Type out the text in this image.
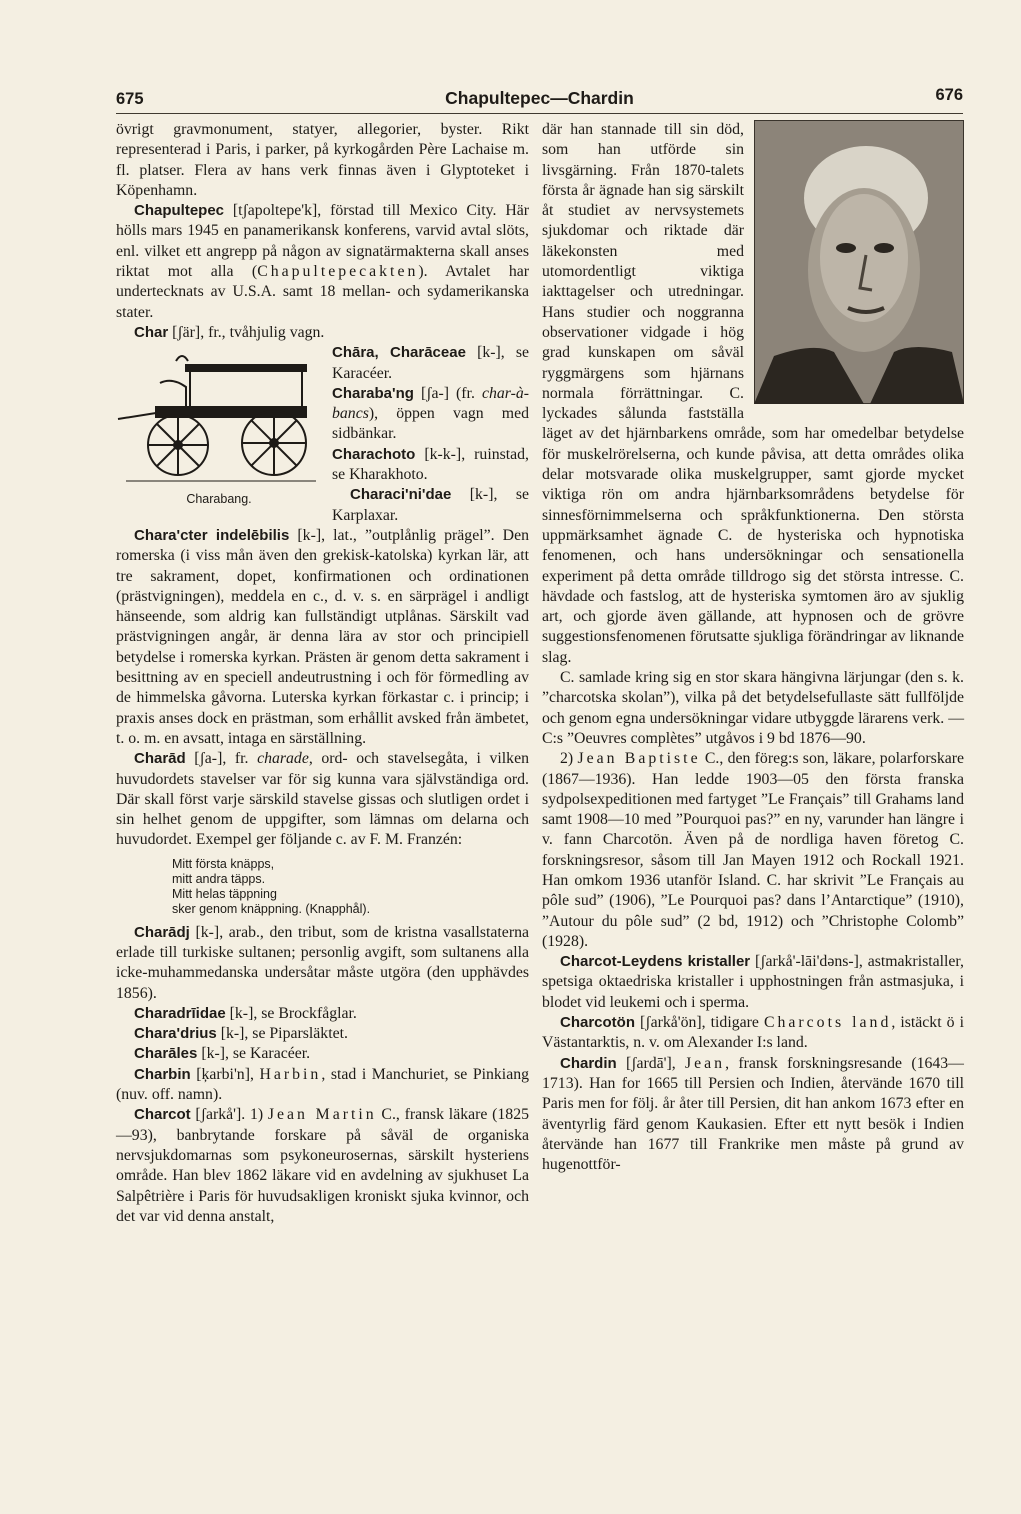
675	Chapultepec—Chardin	676

övrigt gravmonument, statyer, allegorier, byster. Rikt representerad i Paris, i parker, på kyrkogården Père Lachaise m. fl. platser. Flera av hans verk finnas även i Glyptoteket i Köpenhamn.

Chapultepec [tʃapoltepe'k], förstad till Mexico City. Här hölls mars 1945 en panamerikansk konferens, varvid avtal slöts, enl. vilket ett angrepp på någon av signatärmakterna skall anses riktat mot alla (Chapultepecakten). Avtalet har undertecknats av U.S.A. samt 18 mellan- och sydamerikanska stater.

Char [ʃär], fr., tvåhjulig vagn.

Charabang.

Chāra, Charāceae [k-], se Karacéer.

Charaba'ng [ʃa-] (fr. char-à-bancs), öppen vagn med sidbänkar.

Charachoto [k-k-], ruinstad, se Kharakhoto.

Characi'ni'dae [k-], se Karplaxar.

Chara'cter indelēbilis [k-], lat., ”outplånlig prägel”. Den romerska (i viss mån även den grekisk-katolska) kyrkan lär, att tre sakrament, dopet, konfirmationen och ordinationen (prästvigningen), meddela en c., d. v. s. en särprägel i andligt hänseende, som aldrig kan fullständigt utplånas. Särskilt vad prästvigningen angår, är denna lära av stor och principiell betydelse i romerska kyrkan. Prästen är genom detta sakrament i besittning av en speciell andeutrustning i och för förmedling av de himmelska gåvorna. Luterska kyrkan förkastar c. i princip; i praxis anses dock en prästman, som erhållit avsked från ämbetet, t. o. m. en avsatt, intaga en särställning.

Charād [ʃa-], fr. charade, ord- och stavelsegåta, i vilken huvudordets stavelser var för sig kunna vara självständiga ord. Där skall först varje särskild stavelse gissas och slutligen ordet i sin helhet genom de uppgifter, som lämnas om delarna och huvudordet. Exempel ger följande c. av F. M. Franzén:

Mitt första knäpps,
mitt andra täpps.
Mitt helas täppning
sker genom knäppning. (Knapphål).

Charādj [k-], arab., den tribut, som de kristna vasallstaterna erlade till turkiske sultanen; personlig avgift, som sultanens alla icke-muhammedanska undersåtar måste utgöra (den upphävdes 1856).

Charadrīidae [k-], se Brockfåglar.

Chara'drius [k-], se Piparsläktet.

Charāles [k-], se Karacéer.

Charbin [ķarbi'n], Harbin, stad i Manchuriet, se Pinkiang (nuv. off. namn).

Charcot [ʃarkå']. 1) Jean Martin C., fransk läkare (1825—93), banbrytande forskare på såväl de organiska nervsjukdomarnas som psykoneurosernas, särskilt hysteriens område. Han blev 1862 läkare vid en avdelning av sjukhuset La Salpêtrière i Paris för huvudsakligen kroniskt sjuka kvinnor, och det var vid denna anstalt,

där han stannade till sin död, som han utförde sin livsgärning. Från 1870-talets första år ägnade han sig särskilt åt studiet av nervsystemets sjukdomar och riktade där läkekonsten med utomordentligt viktiga iakttagelser och utredningar. Hans studier och noggranna observationer vidgade i hög grad kunskapen om såväl ryggmärgens som hjärnans normala förrättningar. C. lyckades sålunda fastställa läget av det hjärnbarkens område, som har omedelbar betydelse för muskelrörelserna, och kunde påvisa, att detta områdes olika delar motsvarade olika muskelgrupper, samt gjorde mycket viktiga rön om andra hjärnbarksområdens betydelse för sinnesförnimmelserna och språkfunktionerna. Den största uppmärksamhet ägnade C. de hysteriska och hypnotiska fenomenen, och hans undersökningar och sensationella experiment på detta område tilldrogo sig det största intresse. C. hävdade och fastslog, att de hysteriska symtomen äro av sjuklig art, och gjorde även gällande, att hypnosen och de grövre suggestionsfenomenen förutsatte sjukliga förändringar av liknande slag.

C. samlade kring sig en stor skara hängivna lärjungar (den s. k. ”charcotska skolan”), vilka på det betydelsefullaste sätt fullföljde och genom egna undersökningar vidare utbyggde lärarens verk. — C:s ”Oeuvres complètes” utgåvos i 9 bd 1876—90.

2) Jean Baptiste C., den föreg:s son, läkare, polarforskare (1867—1936). Han ledde 1903—05 den första franska sydpolsexpeditionen med fartyget ”Le Français” till Grahams land samt 1908—10 med ”Pourquoi pas?” en ny, varunder han längre i v. fann Charcotön. Även på de nordliga haven företog C. forskningsresor, såsom till Jan Mayen 1912 och Rockall 1921. Han omkom 1936 utanför Island. C. har skrivit ”Le Français au pôle sud” (1906), ”Le Pourquoi pas? dans l’Antarctique” (1910), ”Autour du pôle sud” (2 bd, 1912) och ”Christophe Colomb” (1928).

Charcot-Leydens kristaller [ʃarkå'-lāi'dəns-], astmakristaller, spetsiga oktaedriska kristaller i upphostningen från astmasjuka, i blodet vid leukemi och i sperma.

Charcotön [ʃarkå'ön], tidigare Charcots land, istäckt ö i Västantarktis, n. v. om Alexander I:s land.

Chardin [ʃardā'], Jean, fransk forskningsresande (1643—1713). Han for 1665 till Persien och Indien, återvände 1670 till Paris men for följ. år åter till Persien, dit han ankom 1673 efter en äventyrlig färd genom Kaukasien. Efter ett nytt besök i Indien återvände han 1677 till Frankrike men måste på grund av hugenottför-
